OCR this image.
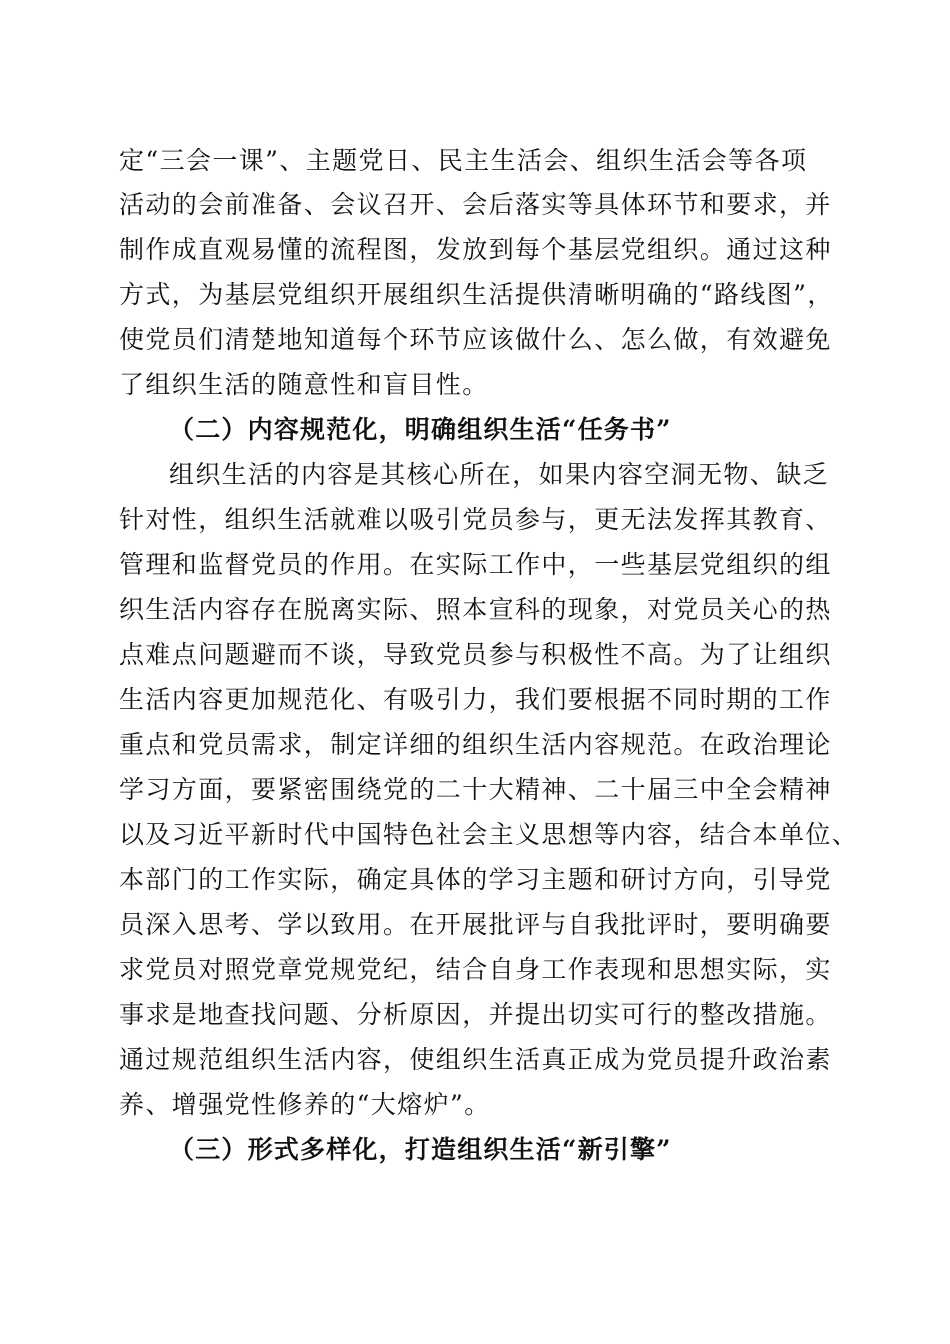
定“三会一课”、主题党日、民主生活会、组织生活会等各项
活动的会前准备、会议召开、会后落实等具体环节和要求，并
制作成直观易懂的流程图，发放到每个基层党组织。通过这种
方式，为基层党组织开展组织生活提供清晰明确的“路线图”，
使党员们清楚地知道每个环节应该做什么、怎么做，有效避免
了组织生活的随意性和盲目性。
（二）内容规范化，明确组织生活“任务书”
组织生活的内容是其核心所在，如果内容空洞无物、缺乏
针对性，组织生活就难以吸引党员参与，更无法发挥其教育、
管理和监督党员的作用。在实际工作中，一些基层党组织的组
织生活内容存在脱离实际、照本宣科的现象，对党员关心的热
点难点问题避而不谈，导致党员参与积极性不高。为了让组织
生活内容更加规范化、有吸引力，我们要根据不同时期的工作
重点和党员需求，制定详细的组织生活内容规范。在政治理论
学习方面，要紧密围绕党的二十大精神、二十届三中全会精神
以及习近平新时代中国特色社会主义思想等内容，结合本单位、
本部门的工作实际，确定具体的学习主题和研讨方向，引导党
员深入思考、学以致用。在开展批评与自我批评时，要明确要
求党员对照党章党规党纪，结合自身工作表现和思想实际，实
事求是地查找问题、分析原因，并提出切实可行的整改措施。
通过规范组织生活内容，使组织生活真正成为党员提升政治素
养、增强党性修养的“大熔炉”。
（三）形式多样化，打造组织生活“新引擎”
